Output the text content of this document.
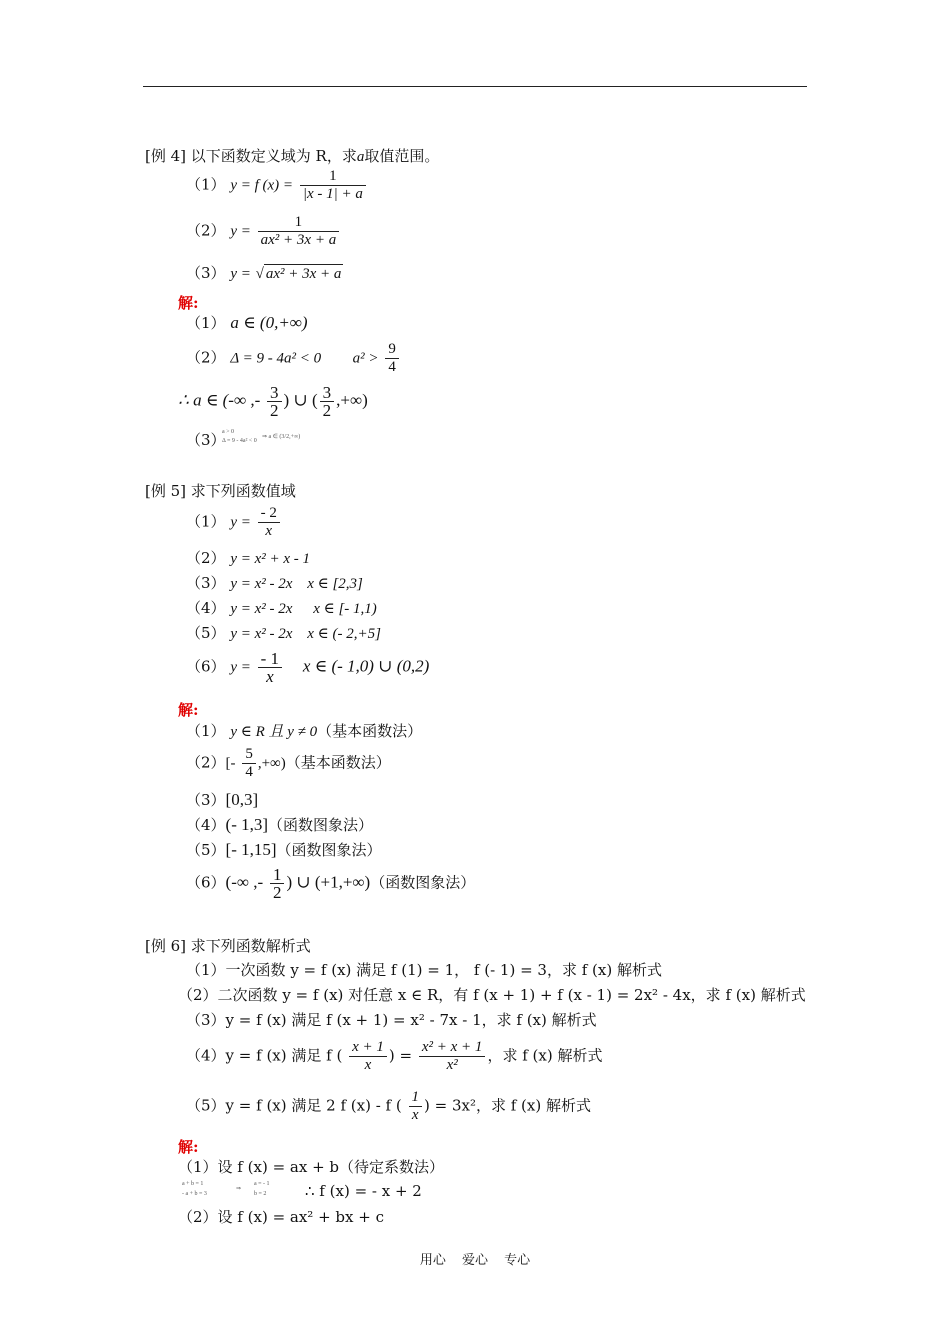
[例 4] 以下函数定义域为 R，求a取值范围。
（1） y = f $(x) = \frac{1}{|x - 1| + a}$
（2） $y = \frac{1}{\text{ax² + 3x + a}}$
（3） y = √ ax² + 3x + a
解:
（1） a ∈ (0,+∞)
（2） Δ = 9 - 4a² < 0 $a^2 > \frac{9}{4}$
∴ a ∈ (-∞ ,- $\frac{3}{2}$ ) ∪ ( $\frac{3}{2}$ ,+∞)
（3）
a > 0
Δ = 9 - 4a² < 0
⇒ a ∈ (3/2,+∞)
[例 5] 求下列函数值域
（1） $y = \frac{- 2}{x}$
（2） y = x² + x - 1
（3） y = x² - 2x x ∈ [2,3]
（4） y = x² - 2x x ∈ [- 1,1)
（5） y = x² - 2x x ∈ (- 2,+5]
（6） $y = \frac{- 1}{x}$ x ∈ (- 1,0) ∪ (0,2)
解:
（1） y ∈ R 且 y ≠ 0（基本函数法）
$(2)[- \frac{5}{4}$ ,+∞)（基本函数法）
（3）[0,3]
（4）(- 1,3]（函数图象法）
（5）[- 1,15]（函数图象法）
（6）(-∞ ,- $\frac{1}{2}$ ) ∪ (+1,+∞)（函数图象法）
[例 6] 求下列函数解析式
（1）一次函数 y = f (x) 满足 f (1) = 1， f (- 1) = 3，求 f (x) 解析式
（2）二次函数 y = f (x) 对任意 x ∈ R，有 f (x + 1) + f (x - 1) = 2x² - 4x，求 f (x) 解析式
（3）y = f (x) 满足 f (x + 1) = x² - 7x - 1，求 f (x) 解析式
（4）y = f (x) 满足 f ( $\frac{x + 1}{x}$ ) = $\frac{\text{x² + x + 1}}{\text{x²}}$ ，求 f (x) 解析式
（5）y = f (x) 满足 2 f (x) - f ( $\frac{1}{x}$ ) = 3x²，求 f (x) 解析式
解:
（1）设 f (x) = ax + b（待定系数法）
a + b = 1
- a + b = 3
⇒
a = - 1
b = 2	∴ f (x) = - x + 2
（2）设 f (x) = ax² + bx + c
用心 爱心 专心
